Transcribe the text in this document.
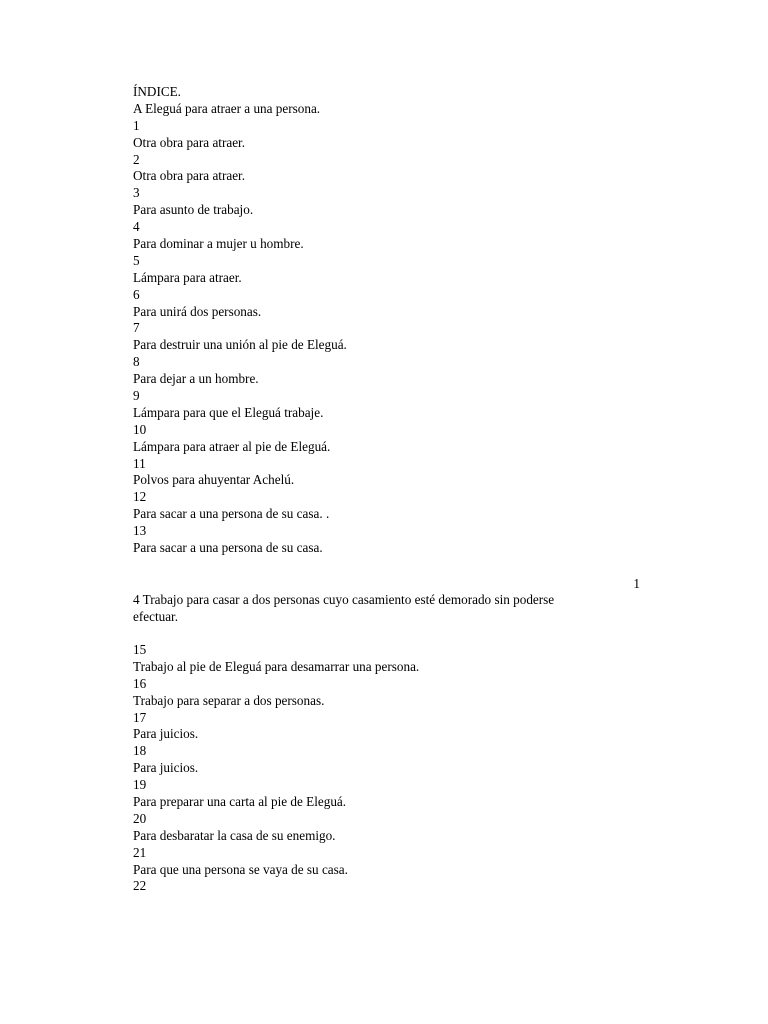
ÍNDICE.
A Eleguá para atraer a una persona.
1
Otra obra para atraer.
2
Otra obra para atraer.
3
Para asunto de trabajo.
4
Para dominar a mujer u hombre.
5
Lámpara para atraer.
6
Para unirá dos personas.
7
Para destruir una unión al pie de Eleguá.
8
Para dejar a un hombre.
9
Lámpara para que el Eleguá trabaje.
10
Lámpara para atraer al pie de Eleguá.
11
Polvos para ahuyentar Achelú.
12
Para sacar a una persona de su casa. .
13
Para sacar a una persona de su casa.
1
4 Trabajo para casar a dos personas cuyo casamiento esté demorado sin poderse
efectuar.
15
Trabajo al pie de Eleguá para desamarrar una persona.
16
Trabajo para separar a dos personas.
17
Para juicios.
18
Para juicios.
19
Para preparar una carta al pie de Eleguá.
20
Para desbaratar la casa de su enemigo.
21
Para que una persona se vaya de su casa.
22
